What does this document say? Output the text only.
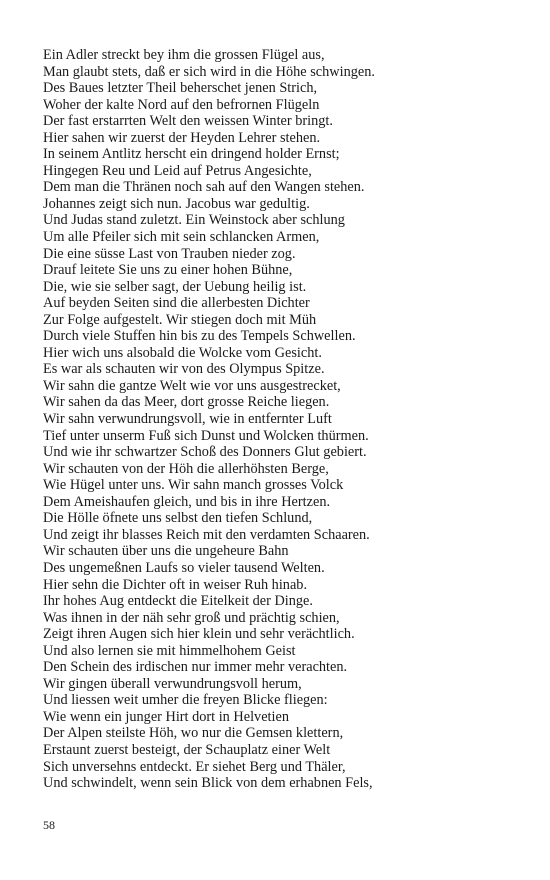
Ein Adler streckt bey ihm die grossen Flügel aus,
Man glaubt stets, daß er sich wird in die Höhe schwingen.
Des Baues letzter Theil beherschet jenen Strich,
Woher der kalte Nord auf den befrornen Flügeln
Der fast erstarrten Welt den weissen Winter bringt.
Hier sahen wir zuerst der Heyden Lehrer stehen.
In seinem Antlitz herscht ein dringend holder Ernst;
Hingegen Reu und Leid auf Petrus Angesichte,
Dem man die Thränen noch sah auf den Wangen stehen.
Johannes zeigt sich nun. Jacobus war gedultig.
Und Judas stand zuletzt. Ein Weinstock aber schlung
Um alle Pfeiler sich mit sein schlancken Armen,
Die eine süsse Last von Trauben nieder zog.
Drauf leitete Sie uns zu einer hohen Bühne,
Die, wie sie selber sagt, der Uebung heilig ist.
Auf beyden Seiten sind die allerbesten Dichter
Zur Folge aufgestelt. Wir stiegen doch mit Müh
Durch viele Stuffen hin bis zu des Tempels Schwellen.
Hier wich uns alsobald die Wolcke vom Gesicht.
Es war als schauten wir von des Olympus Spitze.
Wir sahn die gantze Welt wie vor uns ausgestrecket,
Wir sahen da das Meer, dort grosse Reiche liegen.
Wir sahn verwundrungsvoll, wie in entfernter Luft
Tief unter unserm Fuß sich Dunst und Wolcken thürmen.
Und wie ihr schwartzer Schoß des Donners Glut gebiert.
Wir schauten von der Höh die allerhöhsten Berge,
Wie Hügel unter uns. Wir sahn manch grosses Volck
Dem Ameishaufen gleich, und bis in ihre Hertzen.
Die Hölle öfnete uns selbst den tiefen Schlund,
Und zeigt ihr blasses Reich mit den verdamten Schaaren.
Wir schauten über uns die ungeheure Bahn
Des ungemeßnen Laufs so vieler tausend Welten.
Hier sehn die Dichter oft in weiser Ruh hinab.
Ihr hohes Aug entdeckt die Eitelkeit der Dinge.
Was ihnen in der näh sehr groß und prächtig schien,
Zeigt ihren Augen sich hier klein und sehr verächtlich.
Und also lernen sie mit himmelhohem Geist
Den Schein des irdischen nur immer mehr verachten.
Wir gingen überall verwundrungsvoll herum,
Und liessen weit umher die freyen Blicke fliegen:
Wie wenn ein junger Hirt dort in Helvetien
Der Alpen steilste Höh, wo nur die Gemsen klettern,
Erstaunt zuerst besteigt, der Schauplatz einer Welt
Sich unversehns entdeckt. Er siehet Berg und Thäler,
Und schwindelt, wenn sein Blick von dem erhabnen Fels,
58
